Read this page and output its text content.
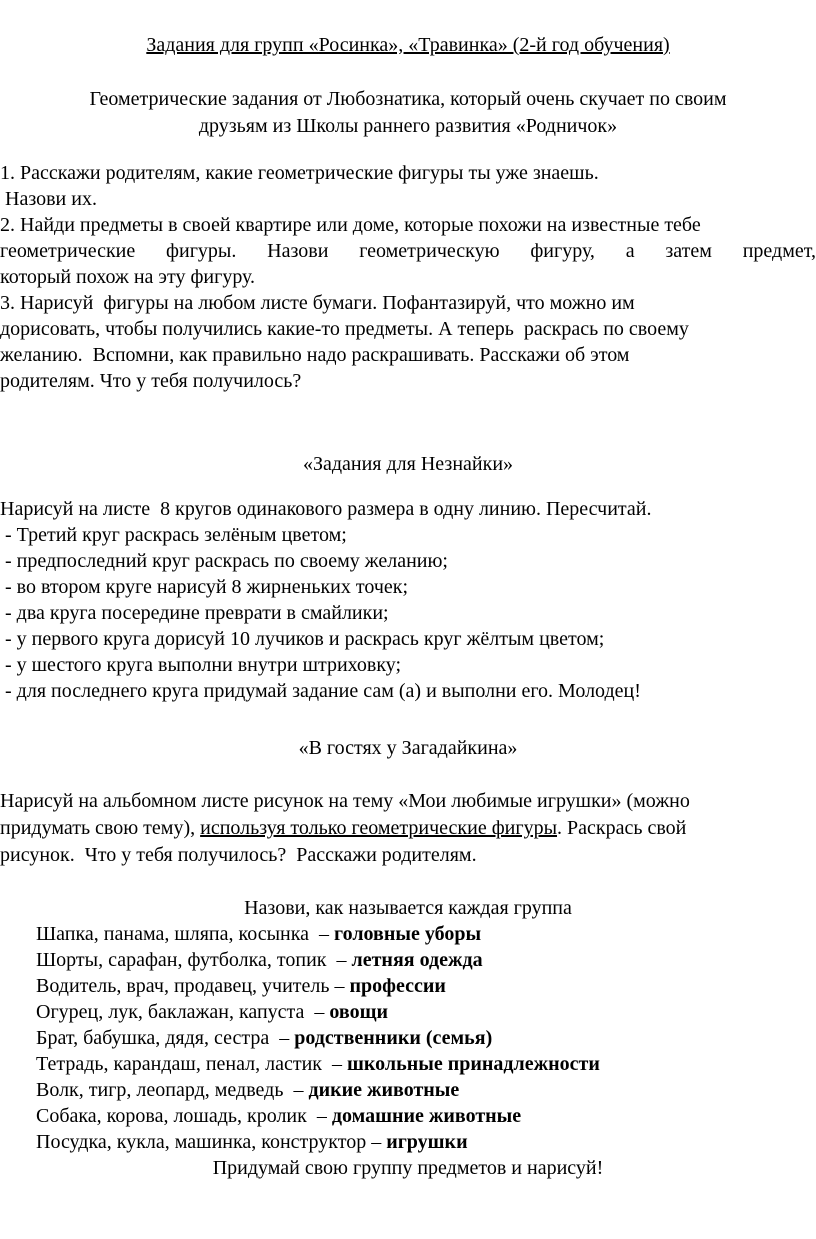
Задания для групп «Росинка», «Травинка» (2-й год обучения)
Геометрические задания от Любознатика, который очень скучает по своим
друзьям из Школы раннего развития «Родничок»
1. Расскажи родителям, какие геометрические фигуры ты уже знаешь.
Назови их.
2. Найди предметы в своей квартире или доме, которые похожи на известные тебе
геометрические фигуры. Назови геометрическую фигуру, а затем предмет,
который похож на эту фигуру.
3. Нарисуй  фигуры на любом листе бумаги. Пофантазируй, что можно им
дорисовать, чтобы получились какие-то предметы. А теперь  раскрась по своему
желанию.  Вспомни, как правильно надо раскрашивать. Расскажи об этом
родителям. Что у тебя получилось?
«Задания для Незнайки»
Нарисуй на листе  8 кругов одинакового размера в одну линию. Пересчитай.
- Третий круг раскрась зелёным цветом;
- предпоследний круг раскрась по своему желанию;
- во втором круге нарисуй 8 жирненьких точек;
- два круга посередине преврати в смайлики;
- у первого круга дорисуй 10 лучиков и раскрась круг жёлтым цветом;
- у шестого круга выполни внутри штриховку;
- для последнего круга придумай задание сам (а) и выполни его. Молодец!
«В гостях у Загадайкина»
Нарисуй на альбомном листе рисунок на тему «Мои любимые игрушки» (можно
придумать свою тему), используя только геометрические фигуры. Раскрась свой
рисунок.  Что у тебя получилось?  Расскажи родителям.
Назови, как называется каждая группа
Шапка, панама, шляпа, косынка  – головные уборы
Шорты, сарафан, футболка, топик  – летняя одежда
Водитель, врач, продавец, учитель – профессии
Огурец, лук, баклажан, капуста  – овощи
Брат, бабушка, дядя, сестра  – родственники (семья)
Тетрадь, карандаш, пенал, ластик  – школьные принадлежности
Волк, тигр, леопард, медведь  – дикие животные
Собака, корова, лошадь, кролик  – домашние животные
Посудка, кукла, машинка, конструктор – игрушки
Придумай свою группу предметов и нарисуй!
